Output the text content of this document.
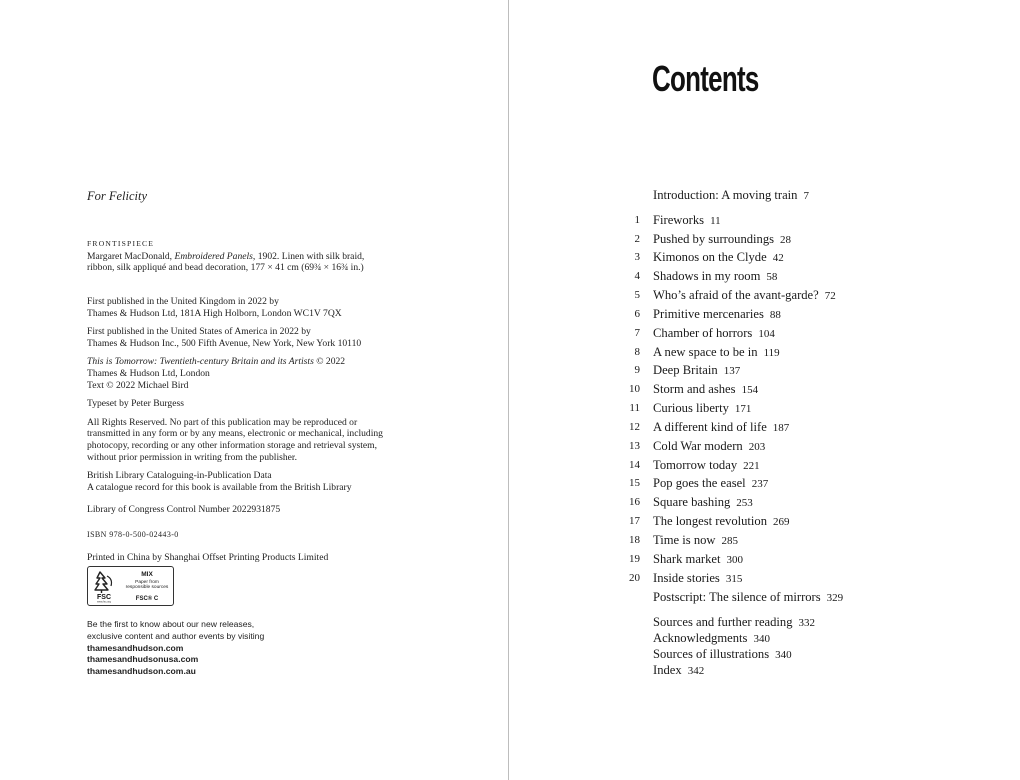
For Felicity
FRONTISPIECE
Margaret MacDonald, Embroidered Panels, 1902. Linen with silk braid,
ribbon, silk appliqué and bead decoration, 177 × 41 cm (69¾ × 16¾ in.)

First published in the United Kingdom in 2022 by
Thames & Hudson Ltd, 181A High Holborn, London WC1V 7QX

First published in the United States of America in 2022 by
Thames & Hudson Inc., 500 Fifth Avenue, New York, New York 10110

This is Tomorrow: Twentieth-century Britain and its Artists © 2022
Thames & Hudson Ltd, London
Text © 2022 Michael Bird

Typeset by Peter Burgess

All Rights Reserved. No part of this publication may be reproduced or
transmitted in any form or by any means, electronic or mechanical, including
photocopy, recording or any other information storage and retrieval system,
without prior permission in writing from the publisher.

British Library Cataloguing-in-Publication Data
A catalogue record for this book is available from the British Library

Library of Congress Control Number 2022931875

ISBN 978-0-500-02443-0

Printed in China by Shanghai Offset Printing Products Limited

FSC
www.fsc.org
MIX
Paper from
responsible sources
FSC® C
Be the first to know about our new releases,
exclusive content and author events by visiting
thamesandhudson.com
thamesandhudsonusa.com
thamesandhudson.com.au
Contents
Introduction: A moving train 7
1 Fireworks 11
2 Pushed by surroundings 28
3 Kimonos on the Clyde 42
4 Shadows in my room 58
5 Who’s afraid of the avant-garde? 72
6 Primitive mercenaries 88
7 Chamber of horrors 104
8 A new space to be in 119
9 Deep Britain 137
10 Storm and ashes 154
11 Curious liberty 171
12 A different kind of life 187
13 Cold War modern 203
14 Tomorrow today 221
15 Pop goes the easel 237
16 Square bashing 253
17 The longest revolution 269
18 Time is now 285
19 Shark market 300
20 Inside stories 315
Postscript: The silence of mirrors 329
Sources and further reading 332
Acknowledgments 340
Sources of illustrations 340
Index 342
